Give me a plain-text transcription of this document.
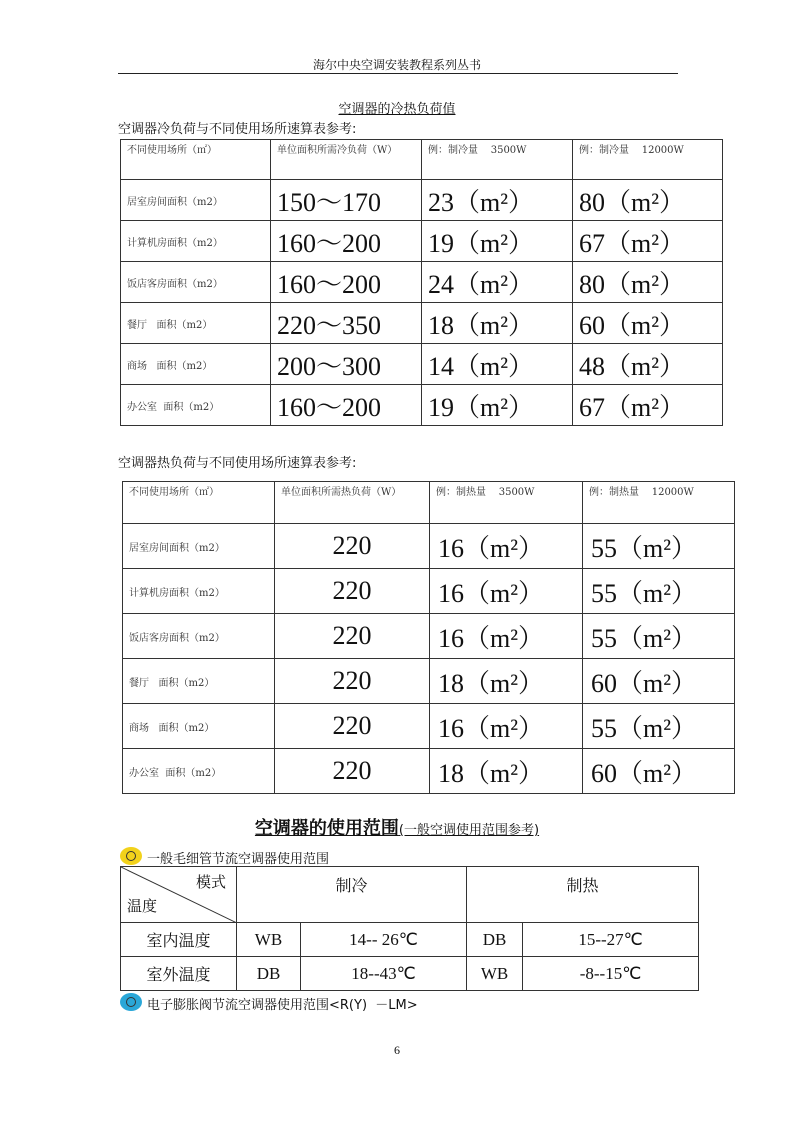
海尔中央空调安装教程系列丛书
空调器的冷热负荷值
空调器冷负荷与不同使用场所速算表参考:
不同使用场所（㎡）	单位面积所需冷负荷（W）	例：制冷量    3500W	例：制冷量    12000W
居室房间面积（m2）	150～170	23（m²）	80（m²）
计算机房面积（m2）	160～200	19（m²）	67（m²）
饭店客房面积（m2）	160～200	24（m²）	80（m²）
餐厅   面积（m2）	220～350	18（m²）	60（m²）
商场   面积（m2）	200～300	14（m²）	48（m²）
办公室  面积（m2）	160～200	19（m²）	67（m²）
空调器热负荷与不同使用场所速算表参考:
不同使用场所（㎡）	单位面积所需热负荷（W）	例：制热量    3500W	例：制热量    12000W
居室房间面积（m2）	220	16（m²）	55（m²）
计算机房面积（m2）	220	16（m²）	55（m²）
饭店客房面积（m2）	220	16（m²）	55（m²）
餐厅   面积（m2）	220	18（m²）	60（m²）
商场   面积（m2）	220	16（m²）	55（m²）
办公室  面积（m2）	220	18（m²）	60（m²）
空调器的使用范围(一般空调使用范围参考)
一般毛细管节流空调器使用范围
模式
温度	制冷		制热	
室内温度	WB	14-- 26℃	DB	15--27℃
室外温度	DB	18--43℃	WB	-8--15℃
电子膨胀阀节流空调器使用范围<R(Y)  －LM>
6
